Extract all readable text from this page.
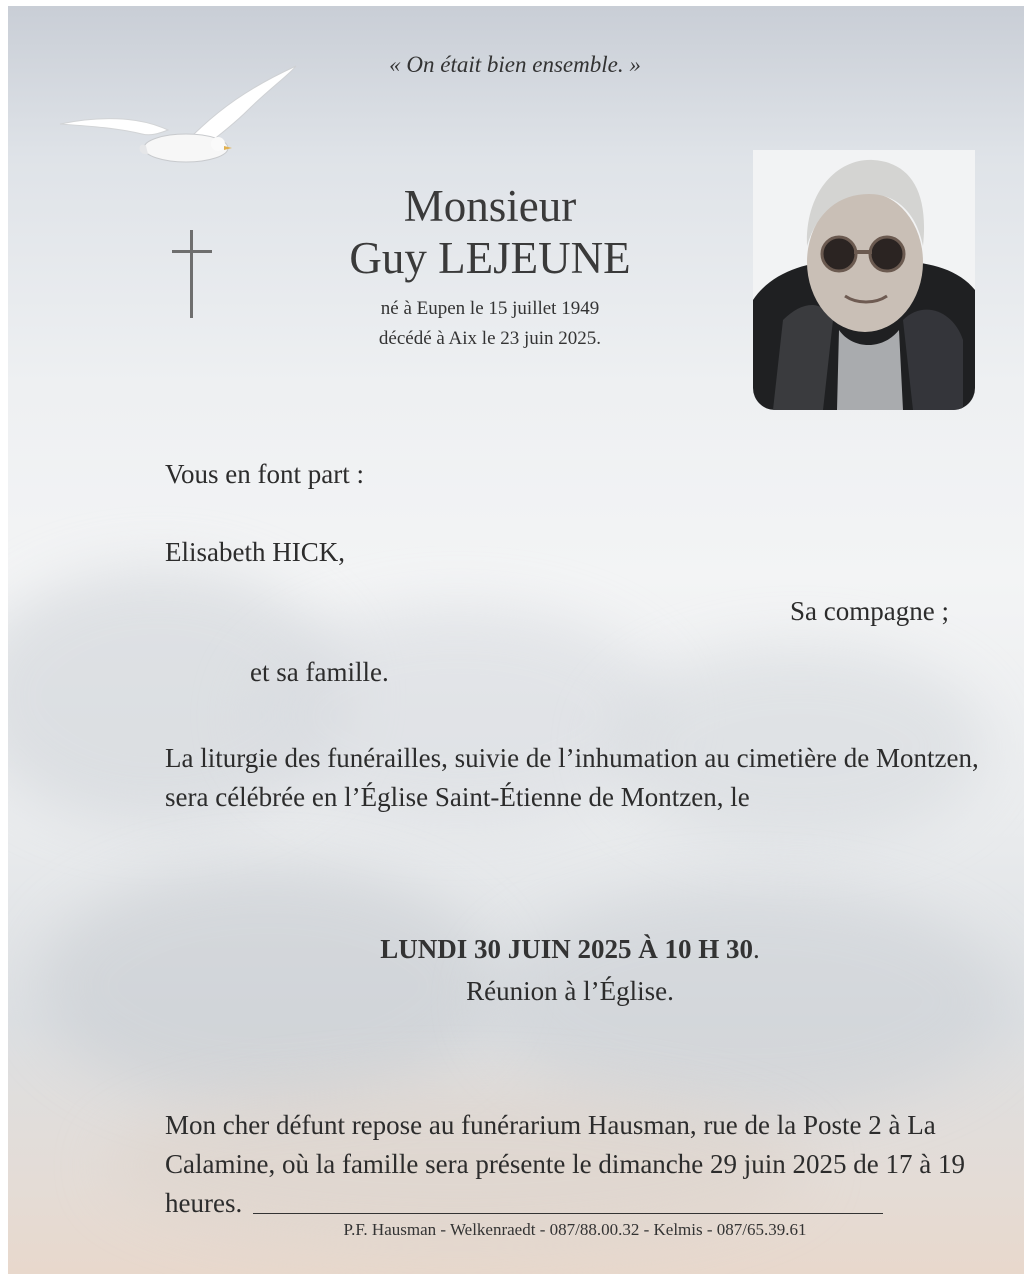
« On était bien ensemble. »
Monsieur
Guy LEJEUNE
né à Eupen le 15 juillet 1949
décédé à Aix le 23 juin 2025.
Vous en font part :
Elisabeth HICK,
Sa compagne ;
et sa famille.
La liturgie des funérailles, suivie de l’inhumation au cimetière de Montzen, sera célébrée en l’Église Saint-Étienne de Montzen, le
LUNDI 30 JUIN 2025 À 10 H 30.
Réunion à l’Église.
Mon cher défunt repose au funérarium Hausman, rue de la Poste 2 à La Calamine, où la famille sera présente le dimanche 29 juin 2025 de 17 à 19 heures.
P.F. Hausman - Welkenraedt - 087/88.00.32 - Kelmis - 087/65.39.61
